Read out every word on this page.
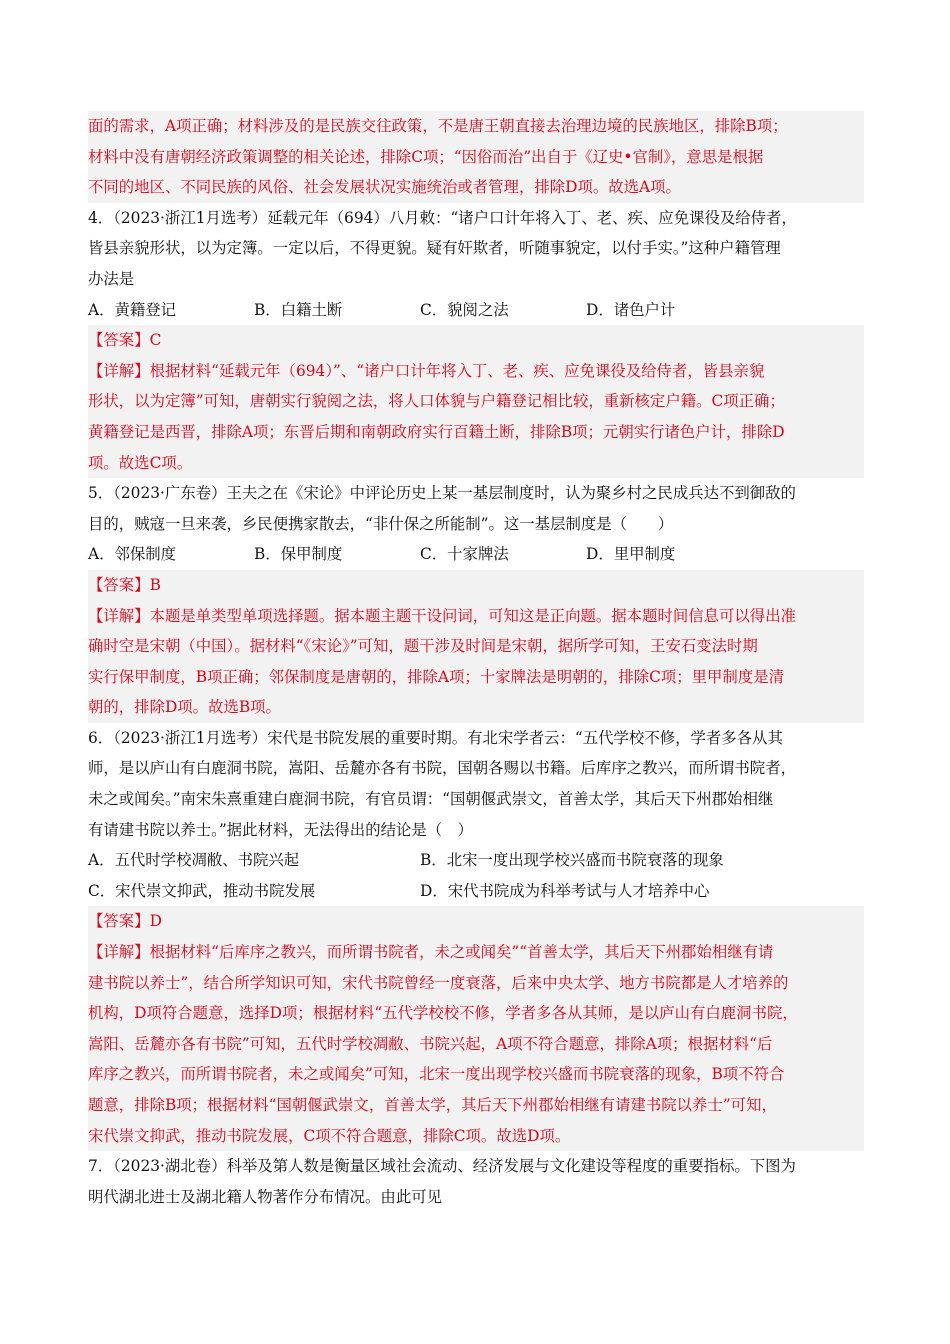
面的需求，A项正确；材料涉及的是民族交往政策，不是唐王朝直接去治理边境的民族地区，排除B项；

材料中没有唐朝经济政策调整的相关论述，排除C项；“因俗而治”出自于《辽史•官制》，意思是根据

不同的地区、不同民族的风俗、社会发展状况实施统治或者管理，排除D项。故选A项。

4．（2023·浙江1月选考）延载元年（694）八月敕：“诸户口计年将入丁、老、疾、应免课役及给侍者，

皆县亲貌形状，以为定簿。一定以后，不得更貌。疑有奸欺者，听随事貌定，以付手实。”这种户籍管理

办法是

A．黄籍登记	B．白籍土断	C．貌阅之法	D．诸色户计

【答案】C

【详解】根据材料“延载元年（694）”、“诸户口计年将入丁、老、疾、应免课役及给侍者，皆县亲貌

形状，以为定簿”可知，唐朝实行貌阅之法，将人口体貌与户籍登记相比较，重新核定户籍。C项正确；

黄籍登记是西晋，排除A项；东晋后期和南朝政府实行百籍土断，排除B项；元朝实行诸色户计，排除D

项。故选C项。

5．（2023·广东卷）王夫之在《宋论》中评论历史上某一基层制度时，认为聚乡村之民成兵达不到御敌的

目的，贼寇一旦来袭，乡民便携家散去，“非什保之所能制”。这一基层制度是（　　）

A．邻保制度	B．保甲制度	C．十家牌法	D．里甲制度

【答案】B

【详解】本题是单类型单项选择题。据本题主题干设问词，可知这是正向题。据本题时间信息可以得出准

确时空是宋朝（中国）。据材料“《宋论》”可知，题干涉及时间是宋朝，据所学可知，王安石变法时期

实行保甲制度，B项正确；邻保制度是唐朝的，排除A项；十家牌法是明朝的，排除C项；里甲制度是清

朝的，排除D项。故选B项。

6．（2023·浙江1月选考）宋代是书院发展的重要时期。有北宋学者云：“五代学校不修，学者多各从其

师，是以庐山有白鹿洞书院，嵩阳、岳麓亦各有书院，国朝各赐以书籍。后库序之教兴，而所谓书院者，

未之或闻矣。”南宋朱熹重建白鹿洞书院，有官员谓：“国朝偃武崇文，首善太学，其后天下州郡始相继

有请建书院以养士。”据此材料，无法得出的结论是（　）

A．五代时学校凋敝、书院兴起	B．北宋一度出现学校兴盛而书院衰落的现象
C．宋代崇文抑武，推动书院发展	D．宋代书院成为科举考试与人才培养中心

【答案】D

【详解】根据材料“后库序之教兴，而所谓书院者，未之或闻矣”“首善太学，其后天下州郡始相继有请

建书院以养士”，结合所学知识可知，宋代书院曾经一度衰落，后来中央太学、地方书院都是人才培养的

机构，D项符合题意，选择D项；根据材料“五代学校校不修，学者多各从其师，是以庐山有白鹿洞书院，

嵩阳、岳麓亦各有书院”可知，五代时学校凋敝、书院兴起，A项不符合题意，排除A项；根据材料“后

库序之教兴，而所谓书院者，未之或闻矣”可知，北宋一度出现学校兴盛而书院衰落的现象，B项不符合

题意，排除B项；根据材料“国朝偃武崇文，首善太学，其后天下州郡始相继有请建书院以养士”可知，

宋代崇文抑武，推动书院发展，C项不符合题意，排除C项。故选D项。

7．（2023·湖北卷）科举及第人数是衡量区域社会流动、经济发展与文化建设等程度的重要指标。下图为

明代湖北进士及湖北籍人物著作分布情况。由此可见
